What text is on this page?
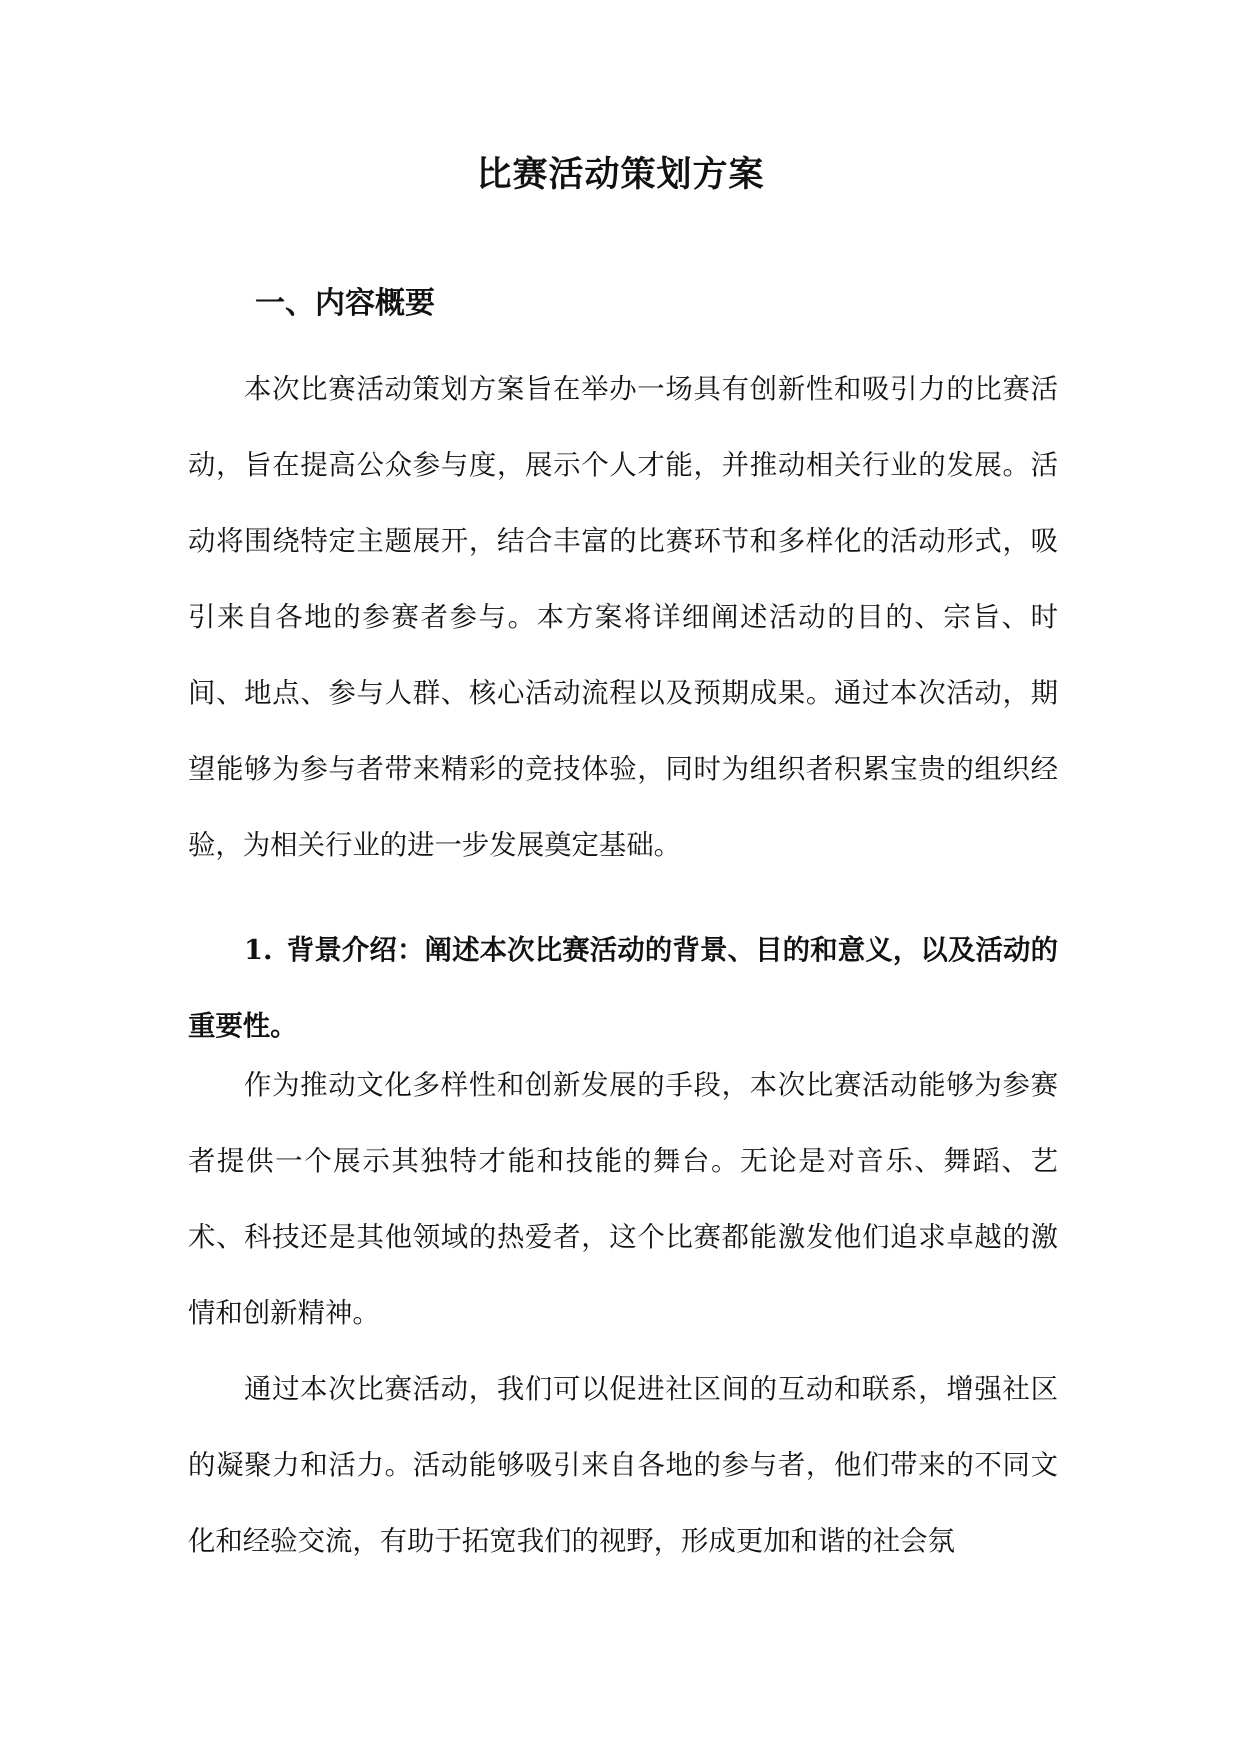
比赛活动策划方案
一、内容概要

本次比赛活动策划方案旨在举办一场具有创新性和吸引力的比赛活动，旨在提高公众参与度，展示个人才能，并推动相关行业的发展。活动将围绕特定主题展开，结合丰富的比赛环节和多样化的活动形式，吸引来自各地的参赛者参与。本方案将详细阐述活动的目的、宗旨、时间、地点、参与人群、核心活动流程以及预期成果。通过本次活动，期望能够为参与者带来精彩的竞技体验，同时为组织者积累宝贵的组织经验，为相关行业的进一步发展奠定基础。

1. 背景介绍：阐述本次比赛活动的背景、目的和意义，以及活动的重要性。

作为推动文化多样性和创新发展的手段，本次比赛活动能够为参赛者提供一个展示其独特才能和技能的舞台。无论是对音乐、舞蹈、艺术、科技还是其他领域的热爱者，这个比赛都能激发他们追求卓越的激情和创新精神。

通过本次比赛活动，我们可以促进社区间的互动和联系，增强社区的凝聚力和活力。活动能够吸引来自各地的参与者，他们带来的不同文化和经验交流，有助于拓宽我们的视野，形成更加和谐的社会氛
